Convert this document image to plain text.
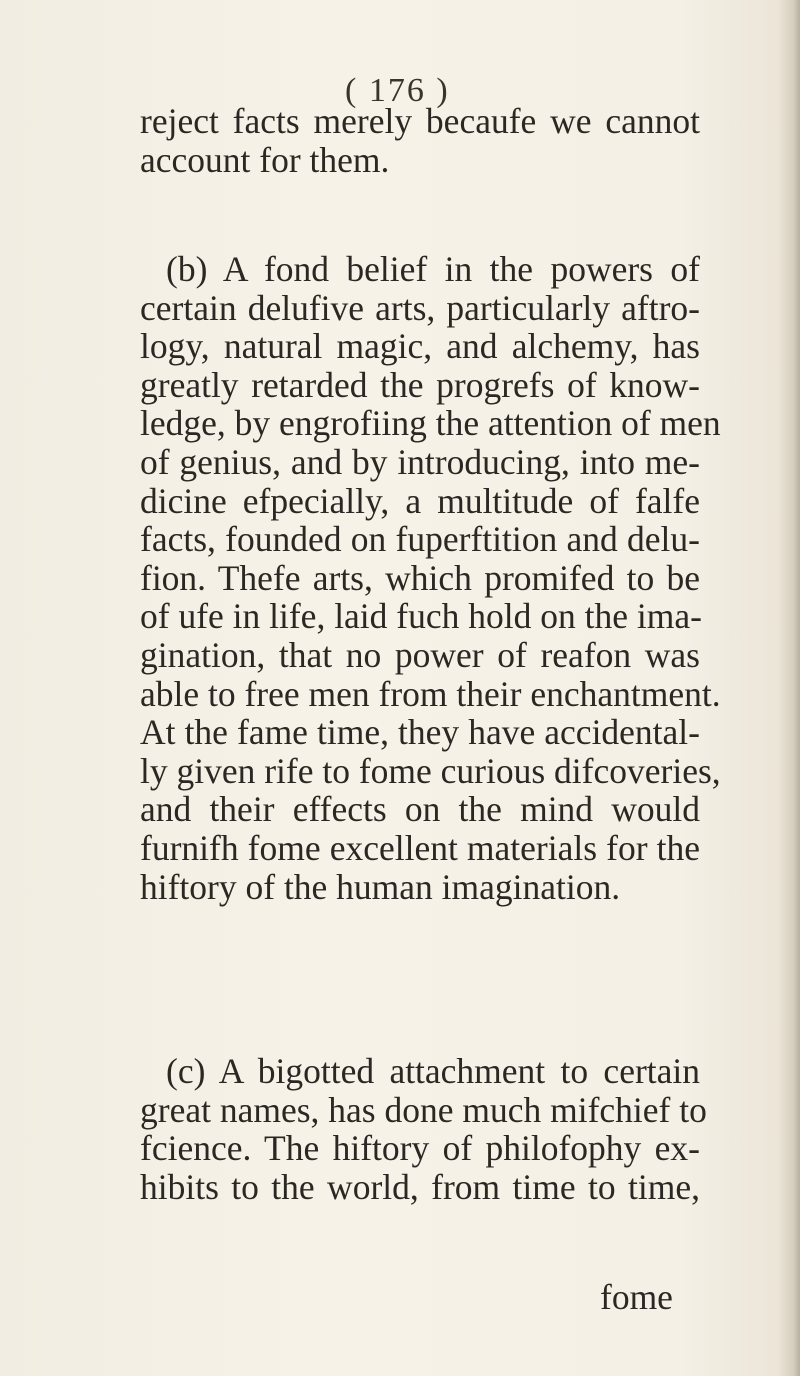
( 176 )
reject facts merely becaufe we cannot
account for them.
(b) A fond belief in the powers of
certain delufive arts, particularly aftro-
logy, natural magic, and alchemy, has
greatly retarded the progrefs of know-
ledge, by engrofiing the attention of men
of genius, and by introducing, into me-
dicine efpecially, a multitude of falfe
facts, founded on fuperftition and delu-
fion. Thefe arts, which promifed to be
of ufe in life, laid fuch hold on the ima-
gination, that no power of reafon was
able to free men from their enchantment.
At the fame time, they have accidental-
ly given rife to fome curious difcoveries,
and their effects on the mind would
furnifh fome excellent materials for the
hiftory of the human imagination.
(c) A bigotted attachment to certain
great names, has done much mifchief to
fcience. The hiftory of philofophy ex-
hibits to the world, from time to time,
fome
